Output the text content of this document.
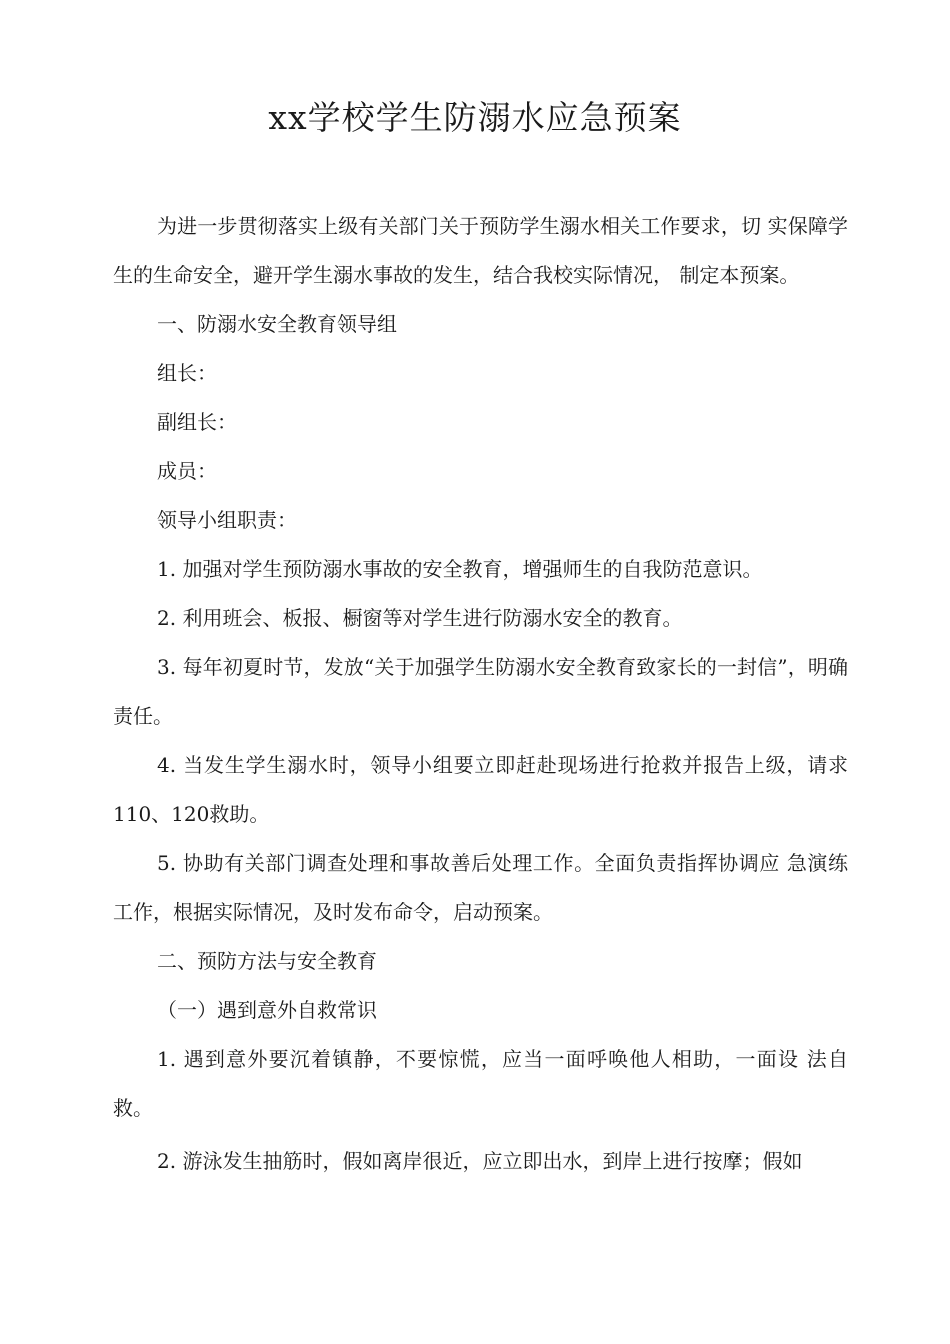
xx学校学生防溺水应急预案

为进一步贯彻落实上级有关部门关于预防学生溺水相关工作要求，切 实保障学生的生命安全，避开学生溺水事故的发生，结合我校实际情况， 制定本预案。

一、防溺水安全教育领导组

组长：

副组长：

成员：

领导小组职责：

1. 加强对学生预防溺水事故的安全教育，增强师生的自我防范意识。

2. 利用班会、板报、橱窗等对学生进行防溺水安全的教育。

3. 每年初夏时节，发放“关于加强学生防溺水安全教育致家长的一封信”，明确责任。

4. 当发生学生溺水时，领导小组要立即赶赴现场进行抢救并报告上级，请求110、120救助。

5. 协助有关部门调查处理和事故善后处理工作。全面负责指挥协调应 急演练工作，根据实际情况，及时发布命令，启动预案。

二、预防方法与安全教育

（一）遇到意外自救常识

1. 遇到意外要沉着镇静，不要惊慌，应当一面呼唤他人相助，一面设 法自救。

2. 游泳发生抽筋时，假如离岸很近，应立即出水，到岸上进行按摩；假如
